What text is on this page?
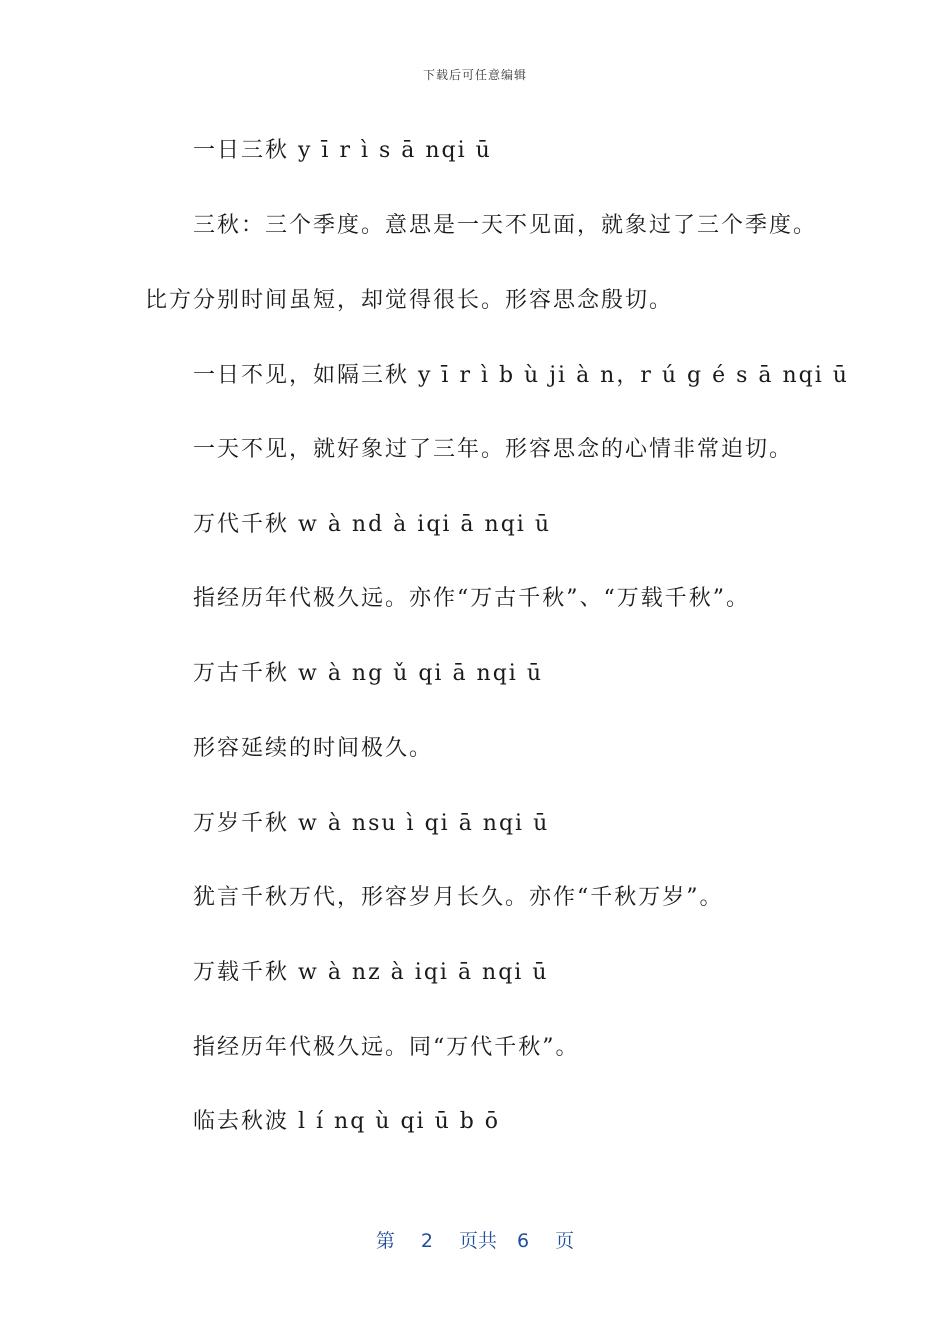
下载后可任意编辑
一日三秋 y ī r ì s ā nqi ū
三秋：三个季度。意思是一天不见面，就象过了三个季度。
比方分别时间虽短，却觉得很长。形容思念殷切。
一日不见，如隔三秋 y ī r ì b ù ji à n，r ú g é s ā nqi ū
一天不见，就好象过了三年。形容思念的心情非常迫切。
万代千秋 w à nd à iqi ā nqi ū
指经历年代极久远。亦作“万古千秋”、“万载千秋”。
万古千秋 w à ng ǔ qi ā nqi ū
形容延续的时间极久。
万岁千秋 w à nsu ì qi ā nqi ū
犹言千秋万代，形容岁月长久。亦作“千秋万岁”。
万载千秋 w à nz à iqi ā nqi ū
指经历年代极久远。同“万代千秋”。
临去秋波 l í nq ù qi ū b ō
第 2 页共 6 页
